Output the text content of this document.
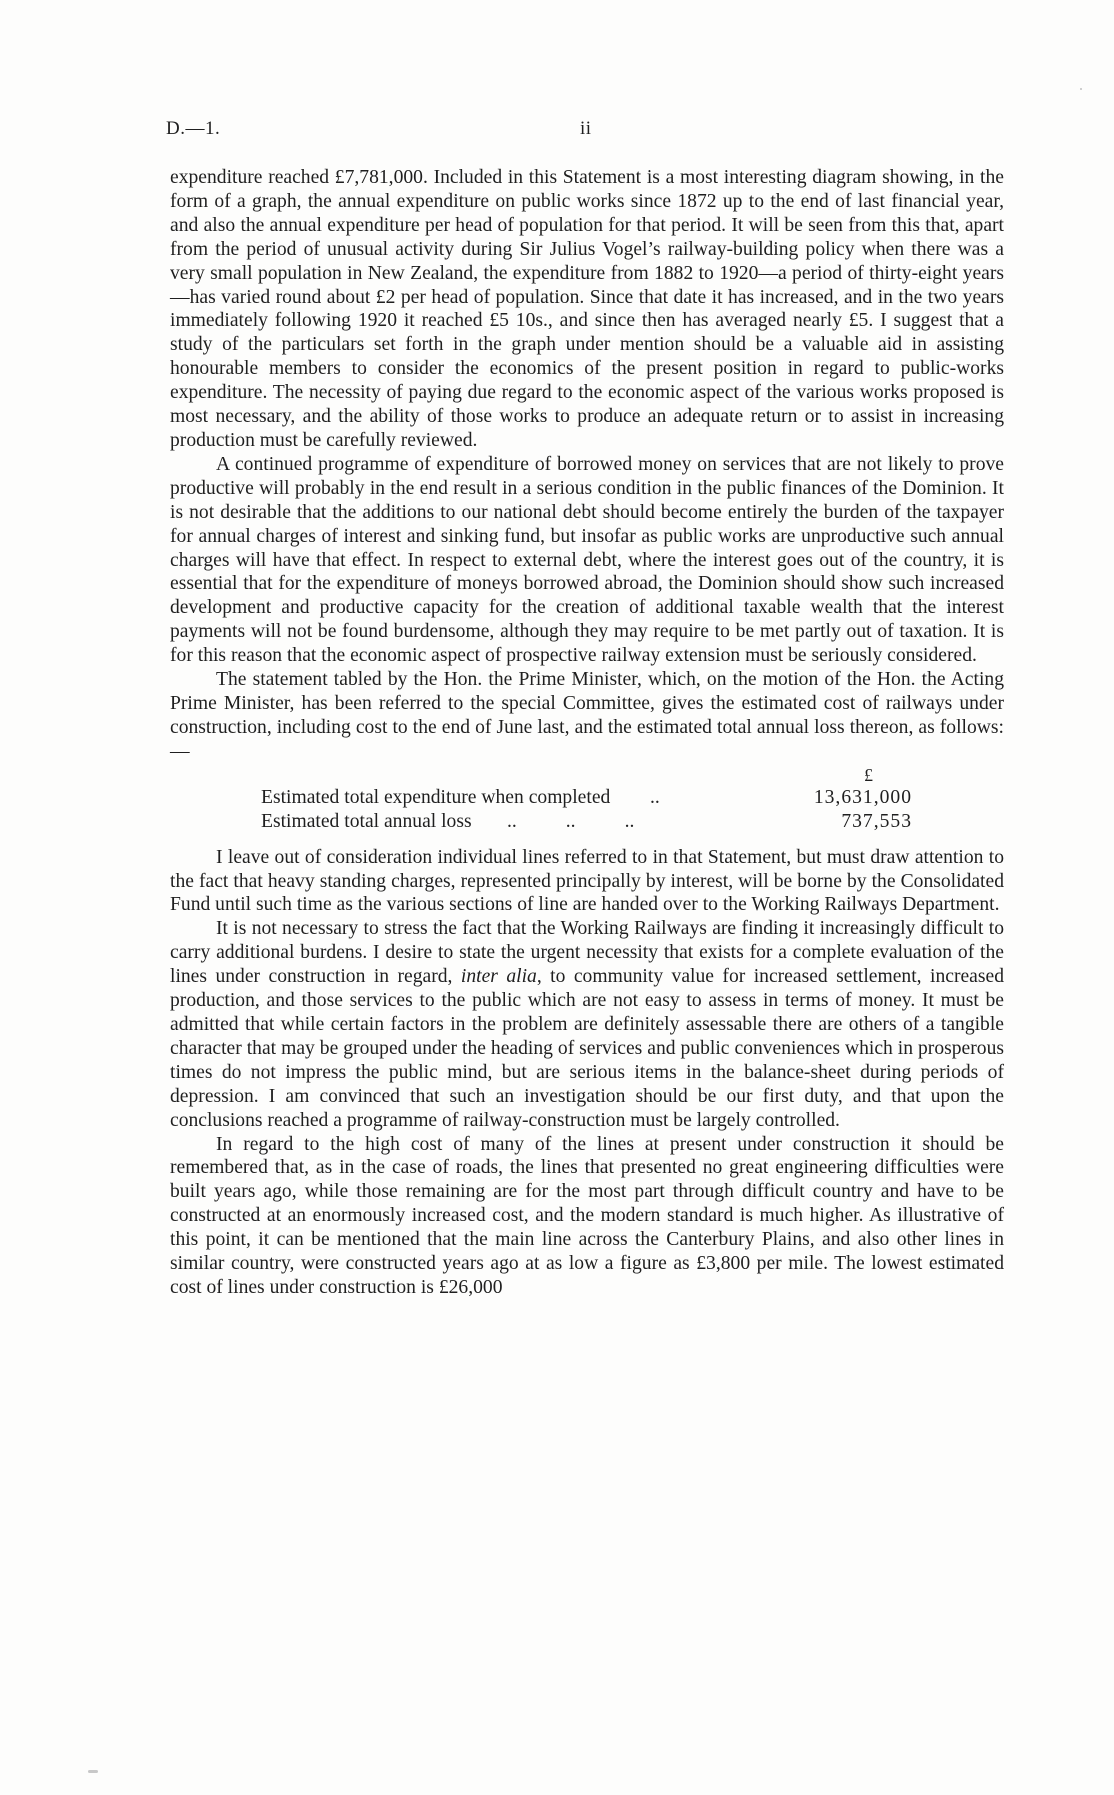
D.—1.	ii

expenditure reached £7,781,000. Included in this Statement is a most interesting diagram showing, in the form of a graph, the annual expenditure on public works since 1872 up to the end of last financial year, and also the annual expenditure per head of population for that period. It will be seen from this that, apart from the period of unusual activity during Sir Julius Vogel’s railway-building policy when there was a very small population in New Zealand, the expenditure from 1882 to 1920—a period of thirty-eight years—has varied round about £2 per head of population. Since that date it has increased, and in the two years immediately following 1920 it reached £5 10s., and since then has averaged nearly £5. I suggest that a study of the particulars set forth in the graph under mention should be a valuable aid in assisting honourable members to consider the economics of the present position in regard to public-works expenditure. The necessity of paying due regard to the economic aspect of the various works proposed is most necessary, and the ability of those works to produce an adequate return or to assist in increasing production must be carefully reviewed.

A continued programme of expenditure of borrowed money on services that are not likely to prove productive will probably in the end result in a serious condition in the public finances of the Dominion. It is not desirable that the additions to our national debt should become entirely the burden of the taxpayer for annual charges of interest and sinking fund, but insofar as public works are unproductive such annual charges will have that effect. In respect to external debt, where the interest goes out of the country, it is essential that for the expenditure of moneys borrowed abroad, the Dominion should show such increased development and productive capacity for the creation of additional taxable wealth that the interest payments will not be found burdensome, although they may require to be met partly out of taxation. It is for this reason that the economic aspect of prospective railway extension must be seriously considered.

The statement tabled by the Hon. the Prime Minister, which, on the motion of the Hon. the Acting Prime Minister, has been referred to the special Committee, gives the estimated cost of railways under construction, including cost to the end of June last, and the estimated total annual loss thereon, as follows:—

£
Estimated total expenditure when completed ..	13,631,000
Estimated total annual loss ..          ..          ..	737,553

I leave out of consideration individual lines referred to in that Statement, but must draw attention to the fact that heavy standing charges, represented principally by interest, will be borne by the Consolidated Fund until such time as the various sections of line are handed over to the Working Railways Department.

It is not necessary to stress the fact that the Working Railways are finding it increasingly difficult to carry additional burdens. I desire to state the urgent necessity that exists for a complete evaluation of the lines under construction in regard, inter alia, to community value for increased settlement, increased production, and those services to the public which are not easy to assess in terms of money. It must be admitted that while certain factors in the problem are definitely assessable there are others of a tangible character that may be grouped under the heading of services and public conveniences which in prosperous times do not impress the public mind, but are serious items in the balance-sheet during periods of depression. I am convinced that such an investigation should be our first duty, and that upon the conclusions reached a programme of railway-construction must be largely controlled.

In regard to the high cost of many of the lines at present under construction it should be remembered that, as in the case of roads, the lines that presented no great engineering difficulties were built years ago, while those remaining are for the most part through difficult country and have to be constructed at an enormously increased cost, and the modern standard is much higher. As illustrative of this point, it can be mentioned that the main line across the Canterbury Plains, and also other lines in similar country, were constructed years ago at as low a figure as £3,800 per mile. The lowest estimated cost of lines under construction is £26,000
